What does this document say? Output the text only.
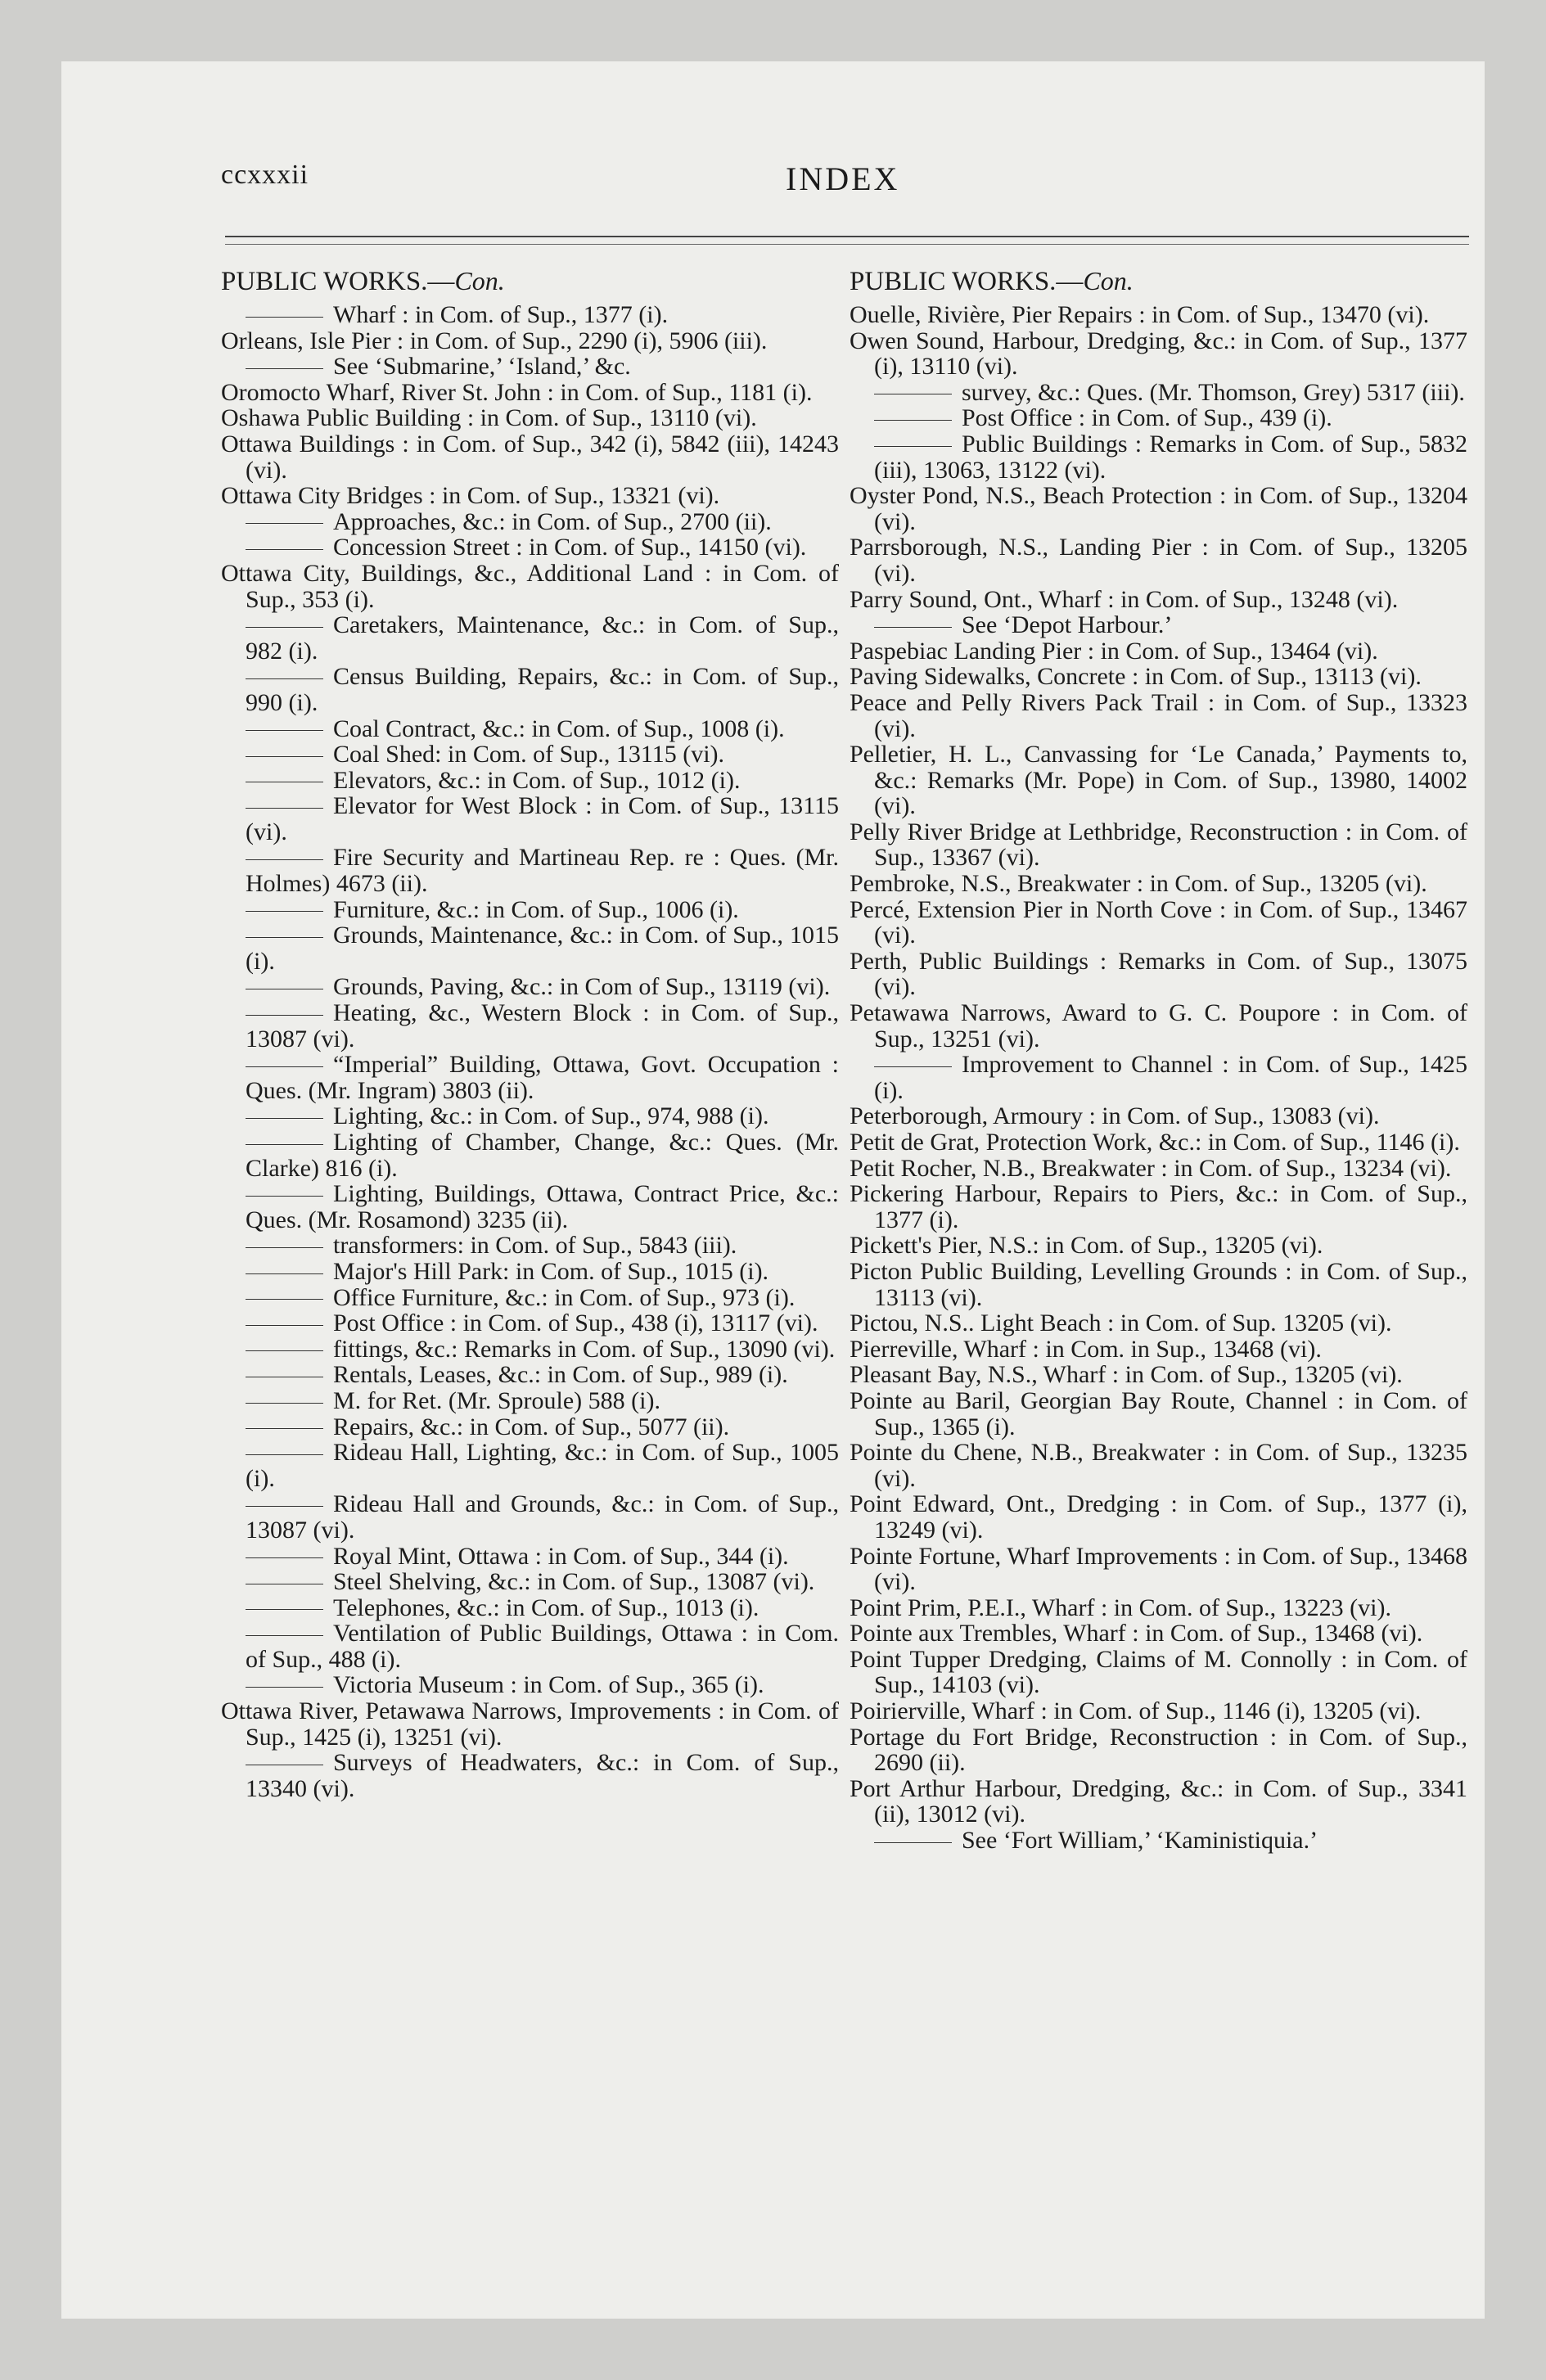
ccxxxii	INDEX
PUBLIC WORKS.—Con.
Wharf : in Com. of Sup., 1377 (i).
Orleans, Isle Pier : in Com. of Sup., 2290 (i), 5906 (iii).
See ‘Submarine,’ ‘Island,’ &c.
Oromocto Wharf, River St. John : in Com. of Sup., 1181 (i).
Oshawa Public Building : in Com. of Sup., 13110 (vi).
Ottawa Buildings : in Com. of Sup., 342 (i), 5842 (iii), 14243 (vi).
Ottawa City Bridges : in Com. of Sup., 13321 (vi).
Approaches, &c.: in Com. of Sup., 2700 (ii).
Concession Street : in Com. of Sup., 14150 (vi).
Ottawa City, Buildings, &c., Additional Land : in Com. of Sup., 353 (i).
Caretakers, Maintenance, &c.: in Com. of Sup., 982 (i).
Census Building, Repairs, &c.: in Com. of Sup., 990 (i).
Coal Contract, &c.: in Com. of Sup., 1008 (i).
Coal Shed: in Com. of Sup., 13115 (vi).
Elevators, &c.: in Com. of Sup., 1012 (i).
Elevator for West Block : in Com. of Sup., 13115 (vi).
Fire Security and Martineau Rep. re : Ques. (Mr. Holmes) 4673 (ii).
Furniture, &c.: in Com. of Sup., 1006 (i).
Grounds, Maintenance, &c.: in Com. of Sup., 1015 (i).
Grounds, Paving, &c.: in Com of Sup., 13119 (vi).
Heating, &c., Western Block : in Com. of Sup., 13087 (vi).
“Imperial” Building, Ottawa, Govt. Occupation : Ques. (Mr. Ingram) 3803 (ii).
Lighting, &c.: in Com. of Sup., 974, 988 (i).
Lighting of Chamber, Change, &c.: Ques. (Mr. Clarke) 816 (i).
Lighting, Buildings, Ottawa, Contract Price, &c.: Ques. (Mr. Rosamond) 3235 (ii).
transformers: in Com. of Sup., 5843 (iii).
Major's Hill Park: in Com. of Sup., 1015 (i).
Office Furniture, &c.: in Com. of Sup., 973 (i).
Post Office : in Com. of Sup., 438 (i), 13117 (vi).
fittings, &c.: Remarks in Com. of Sup., 13090 (vi).
Rentals, Leases, &c.: in Com. of Sup., 989 (i).
M. for Ret. (Mr. Sproule) 588 (i).
Repairs, &c.: in Com. of Sup., 5077 (ii).
Rideau Hall, Lighting, &c.: in Com. of Sup., 1005 (i).
Rideau Hall and Grounds, &c.: in Com. of Sup., 13087 (vi).
Royal Mint, Ottawa : in Com. of Sup., 344 (i).
Steel Shelving, &c.: in Com. of Sup., 13087 (vi).
Telephones, &c.: in Com. of Sup., 1013 (i).
Ventilation of Public Buildings, Ottawa : in Com. of Sup., 488 (i).
Victoria Museum : in Com. of Sup., 365 (i).
Ottawa River, Petawawa Narrows, Improvements : in Com. of Sup., 1425 (i), 13251 (vi).
Surveys of Headwaters, &c.: in Com. of Sup., 13340 (vi).
PUBLIC WORKS.—Con.
Ouelle, Rivière, Pier Repairs : in Com. of Sup., 13470 (vi).
Owen Sound, Harbour, Dredging, &c.: in Com. of Sup., 1377 (i), 13110 (vi).
survey, &c.: Ques. (Mr. Thomson, Grey) 5317 (iii).
Post Office : in Com. of Sup., 439 (i).
Public Buildings : Remarks in Com. of Sup., 5832 (iii), 13063, 13122 (vi).
Oyster Pond, N.S., Beach Protection : in Com. of Sup., 13204 (vi).
Parrsborough, N.S., Landing Pier : in Com. of Sup., 13205 (vi).
Parry Sound, Ont., Wharf : in Com. of Sup., 13248 (vi).
See ‘Depot Harbour.’
Paspebiac Landing Pier : in Com. of Sup., 13464 (vi).
Paving Sidewalks, Concrete : in Com. of Sup., 13113 (vi).
Peace and Pelly Rivers Pack Trail : in Com. of Sup., 13323 (vi).
Pelletier, H. L., Canvassing for ‘Le Canada,’ Payments to, &c.: Remarks (Mr. Pope) in Com. of Sup., 13980, 14002 (vi).
Pelly River Bridge at Lethbridge, Reconstruction : in Com. of Sup., 13367 (vi).
Pembroke, N.S., Breakwater : in Com. of Sup., 13205 (vi).
Percé, Extension Pier in North Cove : in Com. of Sup., 13467 (vi).
Perth, Public Buildings : Remarks in Com. of Sup., 13075 (vi).
Petawawa Narrows, Award to G. C. Poupore : in Com. of Sup., 13251 (vi).
Improvement to Channel : in Com. of Sup., 1425 (i).
Peterborough, Armoury : in Com. of Sup., 13083 (vi).
Petit de Grat, Protection Work, &c.: in Com. of Sup., 1146 (i).
Petit Rocher, N.B., Breakwater : in Com. of Sup., 13234 (vi).
Pickering Harbour, Repairs to Piers, &c.: in Com. of Sup., 1377 (i).
Pickett's Pier, N.S.: in Com. of Sup., 13205 (vi).
Picton Public Building, Levelling Grounds : in Com. of Sup., 13113 (vi).
Pictou, N.S.. Light Beach : in Com. of Sup. 13205 (vi).
Pierreville, Wharf : in Com. in Sup., 13468 (vi).
Pleasant Bay, N.S., Wharf : in Com. of Sup., 13205 (vi).
Pointe au Baril, Georgian Bay Route, Channel : in Com. of Sup., 1365 (i).
Pointe du Chene, N.B., Breakwater : in Com. of Sup., 13235 (vi).
Point Edward, Ont., Dredging : in Com. of Sup., 1377 (i), 13249 (vi).
Pointe Fortune, Wharf Improvements : in Com. of Sup., 13468 (vi).
Point Prim, P.E.I., Wharf : in Com. of Sup., 13223 (vi).
Pointe aux Trembles, Wharf : in Com. of Sup., 13468 (vi).
Point Tupper Dredging, Claims of M. Connolly : in Com. of Sup., 14103 (vi).
Poirierville, Wharf : in Com. of Sup., 1146 (i), 13205 (vi).
Portage du Fort Bridge, Reconstruction : in Com. of Sup., 2690 (ii).
Port Arthur Harbour, Dredging, &c.: in Com. of Sup., 3341 (ii), 13012 (vi).
See ‘Fort William,’ ‘Kaministiquia.’
